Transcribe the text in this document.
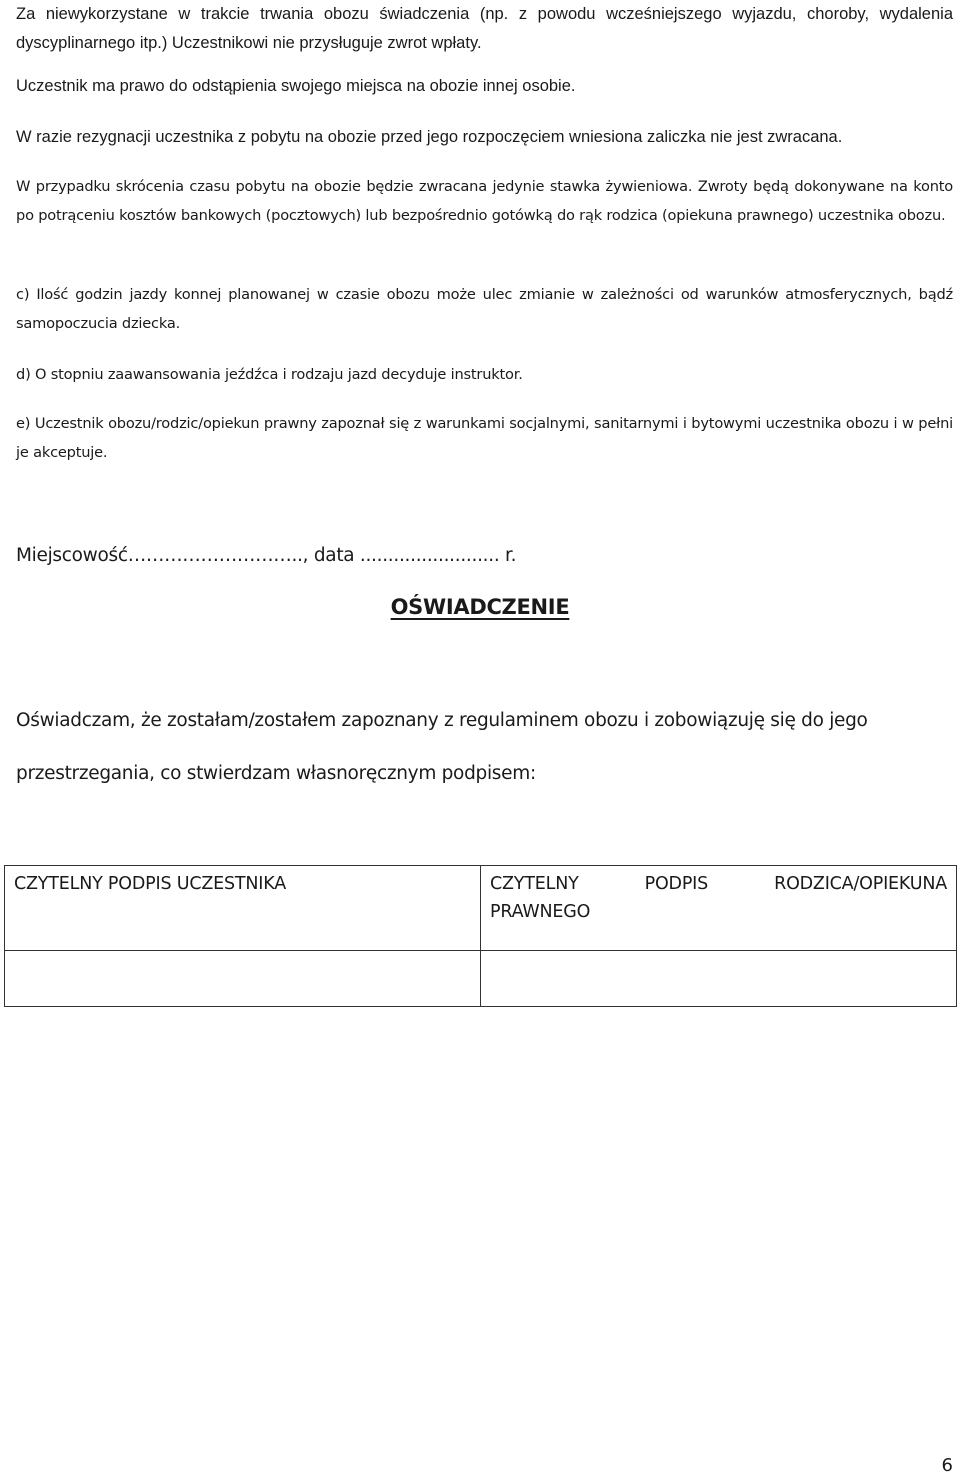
Za niewykorzystane w trakcie trwania obozu świadczenia (np. z powodu wcześniejszego wyjazdu, choroby, wydalenia dyscyplinarnego itp.) Uczestnikowi nie przysługuje zwrot wpłaty.

Uczestnik ma prawo do odstąpienia swojego miejsca na obozie innej osobie.

W razie rezygnacji uczestnika z pobytu na obozie przed jego rozpoczęciem wniesiona zaliczka nie jest zwracana.

W przypadku skrócenia czasu pobytu na obozie będzie zwracana jedynie stawka żywieniowa. Zwroty będą dokonywane na konto po potrąceniu kosztów bankowych (pocztowych) lub bezpośrednio gotówką do rąk rodzica (opiekuna prawnego) uczestnika obozu.

c) Ilość godzin jazdy konnej planowanej w czasie obozu może ulec zmianie w zależności od warunków atmosferycznych, bądź samopoczucia dziecka.

d) O stopniu zaawansowania jeźdźca i rodzaju jazd decyduje instruktor.

e) Uczestnik obozu/rodzic/opiekun prawny zapoznał się z warunkami socjalnymi, sanitarnymi i bytowymi uczestnika obozu i w pełni je akceptuje.

Miejscowość……………………….., data ......................... r.

OŚWIADCZENIE

Oświadczam, że zostałam/zostałem zapoznany z regulaminem obozu i zobowiązuję się do jego

przestrzegania, co stwierdzam własnoręcznym podpisem:

CZYTELNY PODPIS UCZESTNIKA	CZYTELNY PODPIS RODZICA/OPIEKUNA
PRAWNEGO

6
